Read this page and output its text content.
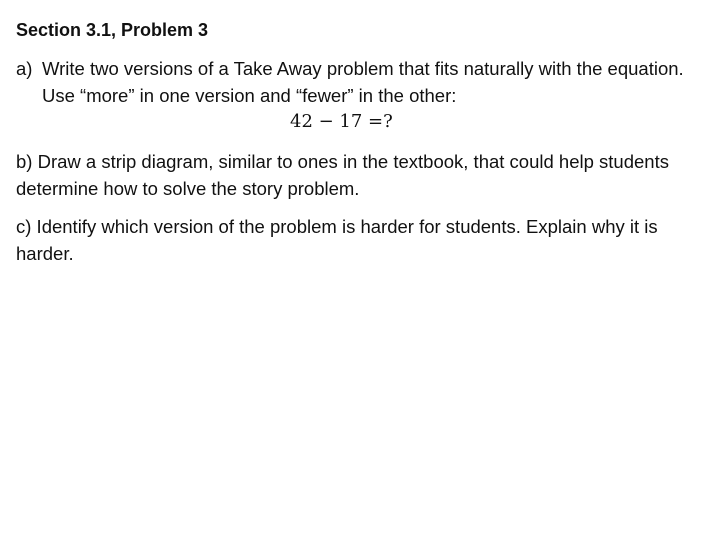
Section 3.1, Problem 3
a) Write two versions of a Take Away problem that fits naturally with the equation. Use “more” in one version and “fewer” in the other:
42 − 17 =?
b) Draw a strip diagram, similar to ones in the textbook, that could help students determine how to solve the story problem.
c) Identify which version of the problem is harder for students. Explain why it is harder.
